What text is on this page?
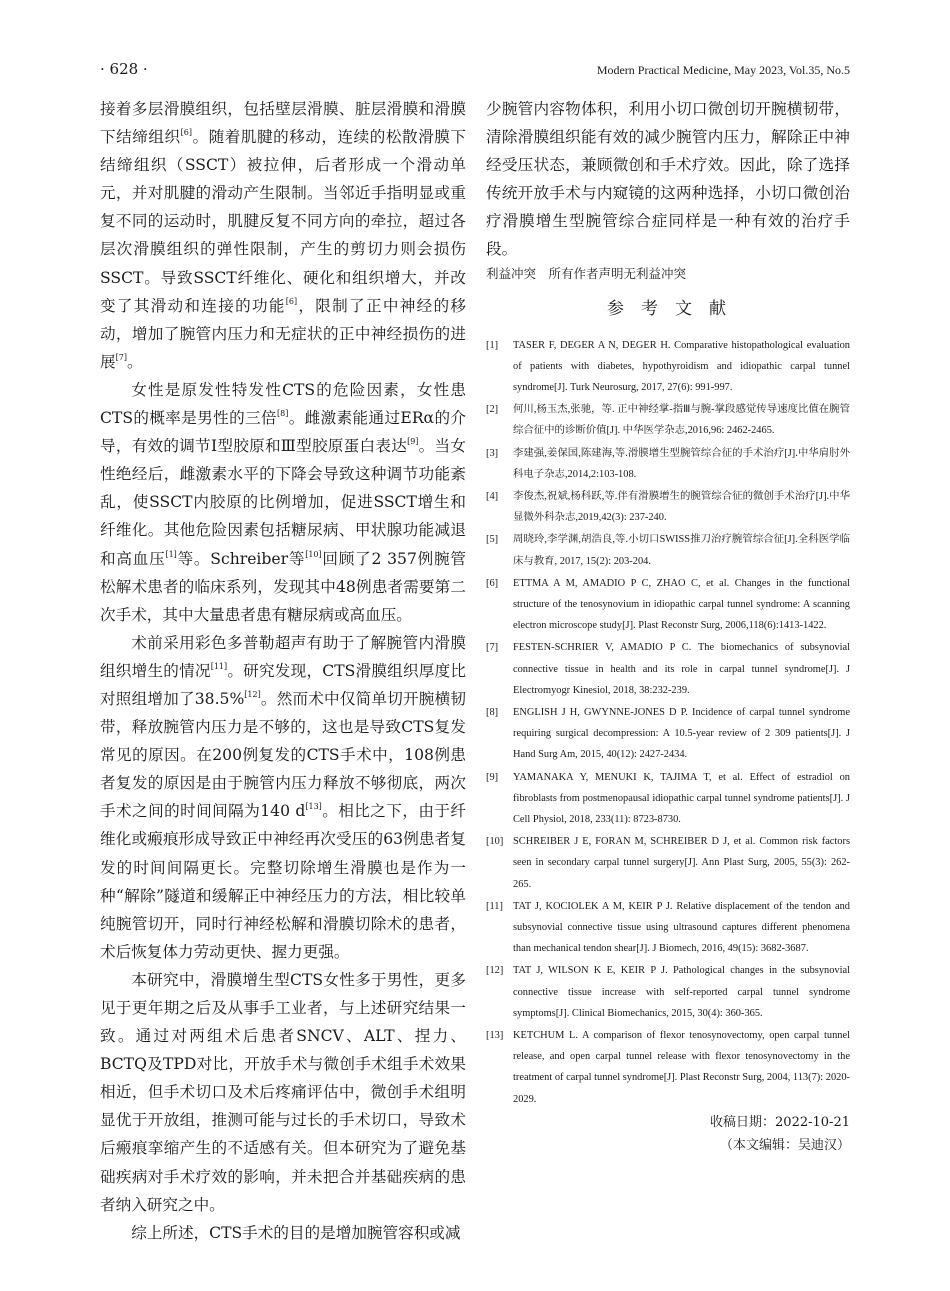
· 628 ·	Modern Practical Medicine, May 2023, Vol.35, No.5

接着多层滑膜组织，包括壁层滑膜、脏层滑膜和滑膜下结缔组织[6]。随着肌腱的移动，连续的松散滑膜下结缔组织（SSCT）被拉伸，后者形成一个滑动单元，并对肌腱的滑动产生限制。当邻近手指明显或重复不同的运动时，肌腱反复不同方向的牵拉，超过各层次滑膜组织的弹性限制，产生的剪切力则会损伤SSCT。导致SSCT纤维化、硬化和组织增大，并改变了其滑动和连接的功能[6]，限制了正中神经的移动，增加了腕管内压力和无症状的正中神经损伤的进展[7]。

女性是原发性特发性CTS的危险因素，女性患CTS的概率是男性的三倍[8]。雌激素能通过ERα的介导，有效的调节Ⅰ型胶原和Ⅲ型胶原蛋白表达[9]。当女性绝经后，雌激素水平的下降会导致这种调节功能紊乱，使SSCT内胶原的比例增加，促进SSCT增生和纤维化。其他危险因素包括糖尿病、甲状腺功能减退和高血压[1]等。Schreiber等[10]回顾了2 357例腕管松解术患者的临床系列，发现其中48例患者需要第二次手术，其中大量患者患有糖尿病或高血压。

术前采用彩色多普勒超声有助于了解腕管内滑膜组织增生的情况[11]。研究发现，CTS滑膜组织厚度比对照组增加了38.5%[12]。然而术中仅简单切开腕横韧带，释放腕管内压力是不够的，这也是导致CTS复发常见的原因。在200例复发的CTS手术中，108例患者复发的原因是由于腕管内压力释放不够彻底，两次手术之间的时间间隔为140 d[13]。相比之下，由于纤维化或瘢痕形成导致正中神经再次受压的63例患者复发的时间间隔更长。完整切除增生滑膜也是作为一种“解除”隧道和缓解正中神经压力的方法，相比较单纯腕管切开，同时行神经松解和滑膜切除术的患者，术后恢复体力劳动更快、握力更强。

本研究中，滑膜增生型CTS女性多于男性，更多见于更年期之后及从事手工业者，与上述研究结果一致。通过对两组术后患者SNCV、ALT、捏力、BCTQ及TPD对比，开放手术与微创手术组手术效果相近，但手术切口及术后疼痛评估中，微创手术组明显优于开放组，推测可能与过长的手术切口，导致术后瘢痕挛缩产生的不适感有关。但本研究为了避免基础疾病对手术疗效的影响，并未把合并基础疾病的患者纳入研究之中。

综上所述，CTS手术的目的是增加腕管容积或减

少腕管内容物体积，利用小切口微创切开腕横韧带，清除滑膜组织能有效的减少腕管内压力，解除正中神经受压状态，兼顾微创和手术疗效。因此，除了选择传统开放手术与内窥镜的这两种选择，小切口微创治疗滑膜增生型腕管综合症同样是一种有效的治疗手段。

利益冲突　所有作者声明无利益冲突
参考文献
[1] TASER F, DEGER A N, DEGER H. Comparative histopathological evaluation of patients with diabetes, hypothyroidism and idiopathic carpal tunnel syndrome[J]. Turk Neurosurg, 2017, 27(6): 991-997.
[2] 何川,杨玉杰,张驰，等. 正中神经掌-指Ⅲ与腕-掌段感觉传导速度比值在腕管综合征中的诊断价值[J]. 中华医学杂志,2016,96: 2462-2465.
[3] 李建强,姜保国,陈建海,等.滑膜增生型腕管综合征的手术治疗[J].中华肩肘外科电子杂志,2014,2:103-108.
[4] 李俊杰,祝斌,杨科跃,等.伴有滑膜增生的腕管综合征的微创手术治疗[J].中华显微外科杂志,2019,42(3): 237-240.
[5] 周晓玲,李学渊,胡浩良,等.小切口SWISS推刀治疗腕管综合征[J].全科医学临床与教育, 2017, 15(2): 203-204.
[6] ETTMA A M, AMADIO P C, ZHAO C, et al. Changes in the functional structure of the tenosynovium in idiopathic carpal tunnel syndrome: A scanning electron microscope study[J]. Plast Reconstr Surg, 2006,118(6):1413-1422.
[7] FESTEN-SCHRIER V, AMADIO P C. The biomechanics of subsynovial connective tissue in health and its role in carpal tunnel syndrome[J]. J Electromyogr Kinesiol, 2018, 38:232-239.
[8] ENGLISH J H, GWYNNE-JONES D P. Incidence of carpal tunnel syndrome requiring surgical decompression: A 10.5-year review of 2 309 patients[J]. J Hand Surg Am, 2015, 40(12): 2427-2434.
[9] YAMANAKA Y, MENUKI K, TAJIMA T, et al. Effect of estradiol on fibroblasts from postmenopausal idiopathic carpal tunnel syndrome patients[J]. J Cell Physiol, 2018, 233(11): 8723-8730.
[10] SCHREIBER J E, FORAN M, SCHREIBER D J, et al. Common risk factors seen in secondary carpal tunnel surgery[J]. Ann Plast Surg, 2005, 55(3): 262-265.
[11] TAT J, KOCIOLEK A M, KEIR P J. Relative displacement of the tendon and subsynovial connective tissue using ultrasound captures different phenomena than mechanical tendon shear[J]. J Biomech, 2016, 49(15): 3682-3687.
[12] TAT J, WILSON K E, KEIR P J. Pathological changes in the subsynovial connective tissue increase with self-reported carpal tunnel syndrome symptoms[J]. Clinical Biomechanics, 2015, 30(4): 360-365.
[13] KETCHUM L. A comparison of flexor tenosynovectomy, open carpal tunnel release, and open carpal tunnel release with flexor tenosynovectomy in the treatment of carpal tunnel syndrome[J]. Plast Reconstr Surg, 2004, 113(7): 2020-2029.
收稿日期：2022-10-21
（本文编辑：吴迪汉）
